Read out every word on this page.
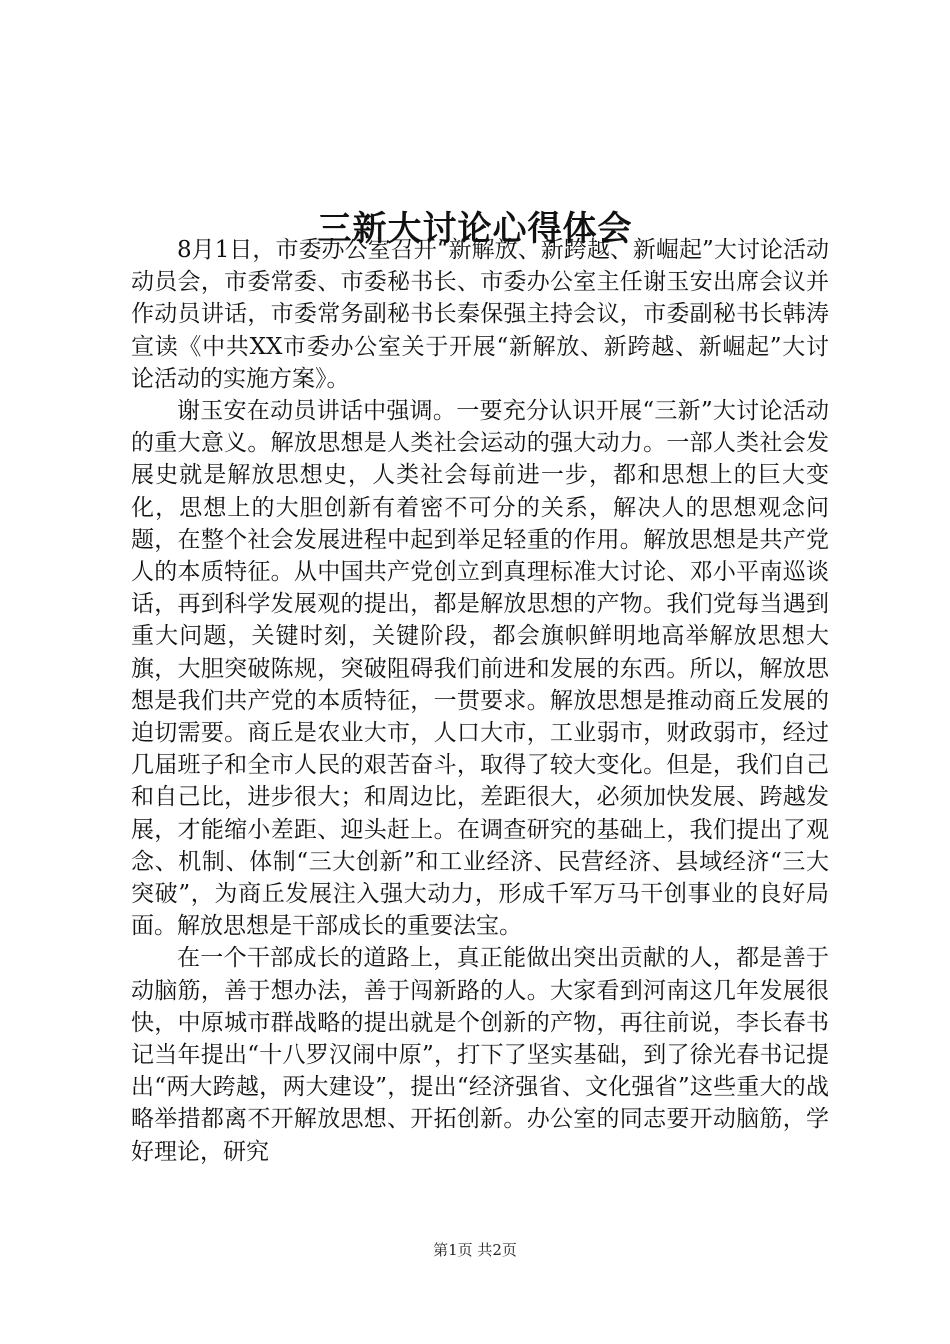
三新大讨论心得体会

8月1日，市委办公室召开“新解放、新跨越、新崛起”大讨论活动动员会，市委常委、市委秘书长、市委办公室主任谢玉安出席会议并作动员讲话，市委常务副秘书长秦保强主持会议，市委副秘书长韩涛宣读《中共XX市委办公室关于开展“新解放、新跨越、新崛起”大讨论活动的实施方案》。

谢玉安在动员讲话中强调。一要充分认识开展“三新”大讨论活动的重大意义。解放思想是人类社会运动的强大动力。一部人类社会发展史就是解放思想史，人类社会每前进一步，都和思想上的巨大变化，思想上的大胆创新有着密不可分的关系，解决人的思想观念问题，在整个社会发展进程中起到举足轻重的作用。解放思想是共产党人的本质特征。从中国共产党创立到真理标准大讨论、邓小平南巡谈话，再到科学发展观的提出，都是解放思想的产物。我们党每当遇到重大问题，关键时刻，关键阶段，都会旗帜鲜明地高举解放思想大旗，大胆突破陈规，突破阻碍我们前进和发展的东西。所以，解放思想是我们共产党的本质特征，一贯要求。解放思想是推动商丘发展的迫切需要。商丘是农业大市，人口大市，工业弱市，财政弱市，经过几届班子和全市人民的艰苦奋斗，取得了较大变化。但是，我们自己和自己比，进步很大；和周边比，差距很大，必须加快发展、跨越发展，才能缩小差距、迎头赶上。在调查研究的基础上，我们提出了观念、机制、体制“三大创新”和工业经济、民营经济、县域经济“三大突破”，为商丘发展注入强大动力，形成千军万马干创事业的良好局面。解放思想是干部成长的重要法宝。

在一个干部成长的道路上，真正能做出突出贡献的人，都是善于动脑筋，善于想办法，善于闯新路的人。大家看到河南这几年发展很快，中原城市群战略的提出就是个创新的产物，再往前说，李长春书记当年提出“十八罗汉闹中原”，打下了坚实基础，到了徐光春书记提出“两大跨越，两大建设”，提出“经济强省、文化强省”这些重大的战略举措都离不开解放思想、开拓创新。办公室的同志要开动脑筋，学好理论，研究

第1页 共2页
